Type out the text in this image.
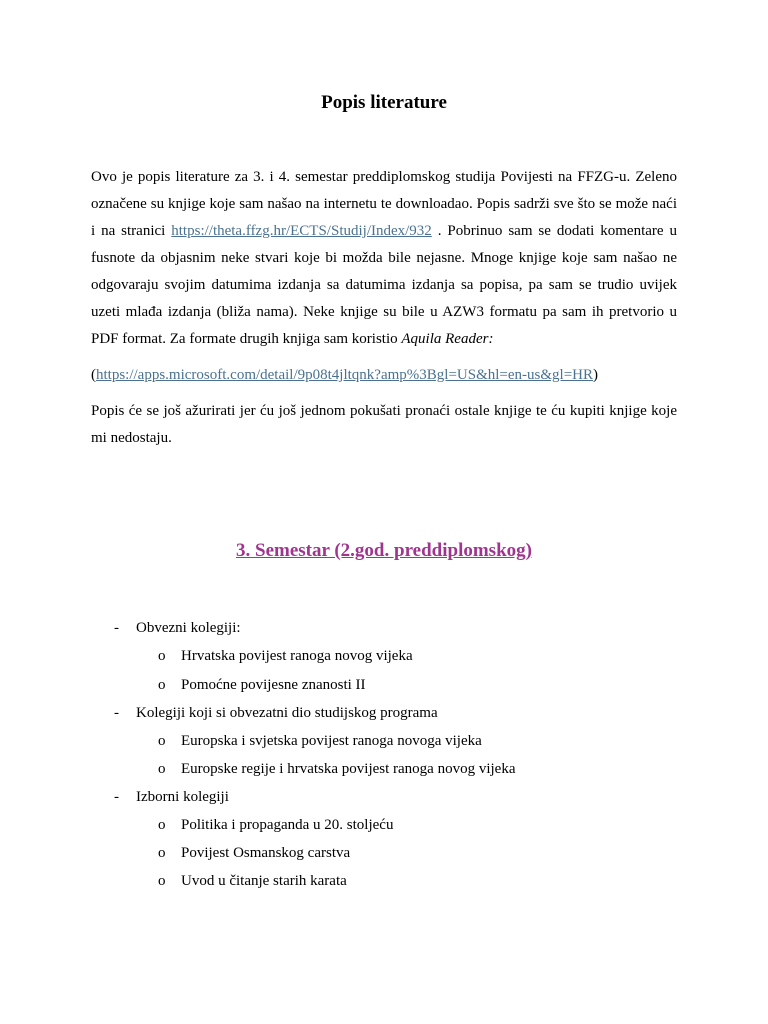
Popis literature
Ovo je popis literature za 3. i 4. semestar preddiplomskog studija Povijesti na FFZG-u. Zeleno označene su knjige koje sam našao na internetu te downloadao. Popis sadrži sve što se može naći i na stranici https://theta.ffzg.hr/ECTS/Studij/Index/932 . Pobrinuo sam se dodati komentare u fusnote da objasnim neke stvari koje bi možda bile nejasne. Mnoge knjige koje sam našao ne odgovaraju svojim datumima izdanja sa datumima izdanja sa popisa, pa sam se trudio uvijek uzeti mlađa izdanja (bliža nama). Neke knjige su bile u AZW3 formatu pa sam ih pretvorio u PDF format. Za formate drugih knjiga sam koristio Aquila Reader:
(https://apps.microsoft.com/detail/9p08t4jltqnk?amp%3Bgl=US&hl=en-us&gl=HR)
Popis će se još ažurirati jer ću još jednom pokušati pronaći ostale knjige te ću kupiti knjige koje mi nedostaju.
3. Semestar (2.god. preddiplomskog)
- Obvezni kolegiji:
o Hrvatska povijest ranoga novog vijeka
o Pomoćne povijesne znanosti II
- Kolegiji koji si obvezatni dio studijskog programa
o Europska i svjetska povijest ranoga novoga vijeka
o Europske regije i hrvatska povijest ranoga novog vijeka
- Izborni kolegiji
o Politika i propaganda u 20. stoljeću
o Povijest Osmanskog carstva
o Uvod u čitanje starih karata
